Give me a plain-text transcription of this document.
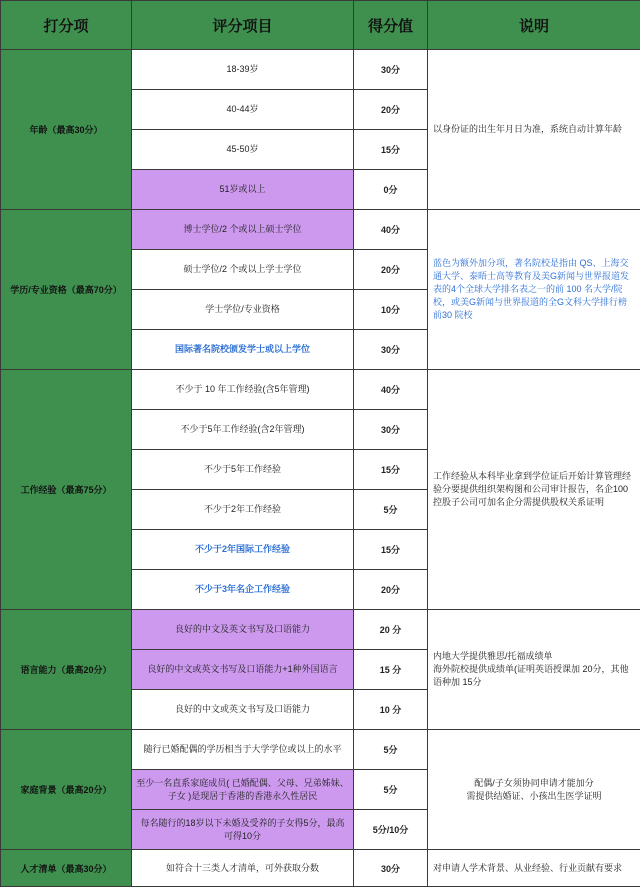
打分项	评分项目	得分值	说明
年龄（最高30分）	18-39岁	30分	以身份证的出生年月日为准，系统自动计算年龄
	40-44岁	20分	
	45-50岁	15分	
	51岁或以上	0分	
学历/专业资格（最高70分）	博士学位/2 个或以上硕士学位	40分	蓝色为额外加分项，著名院校是指由 QS、上海交通大学、泰晤士高等教育及美G新闻与世界报道发表的4个全球大学排名表之一的前 100 名大学/院校，或美G新闻与世界报道的全G文科大学排行榜前30 院校
	硕士学位/2 个或以上学士学位	20分	
	学士学位/专业资格	10分	
	国际著名院校颁发学士或以上学位	30分	
工作经验（最高75分）	不少于 10 年工作经验(含5年管理)	40分	工作经验从本科毕业拿到学位证后开始计算管理经验分要提供组织架构图和公司审计报告，名企100 控股子公司可加名企分需提供股权关系证明
	不少于5年工作经验(含2年管理)	30分	
	不少于5年工作经验	15分	
	不少于2年工作经验	5分	
	不少于2年国际工作经验	15分	
	不少于3年名企工作经验	20分	
语言能力（最高20分）	良好的中文及英文书写及口语能力	20 分	内地大学提供雅思/托福成绩单
海外院校提供成绩单(证明英语授课加 20分，其他语种加 15分
	良好的中文或英文书写及口语能力+1种外国语言	15 分	
	良好的中文或英文书写及口语能力	10 分	
家庭背景（最高20分）	随行已婚配偶的学历相当于大学学位或以上的水平	5分	配偶/子女须协同申请才能加分
需提供结婚证、小孩出生医学证明
	至少一名直系家庭成员( 已婚配偶、父母、兄弟姊妹、子女 )是现居于香港的香港永久性居民	5分	
	每名随行的18岁以下未婚及受养的子女得5分，最高可得10分	5分/10分	
人才清单（最高30分）	如符合十三类人才清单，可外获取分数	30分	对申请人学术背景、从业经验、行业贡献有要求
